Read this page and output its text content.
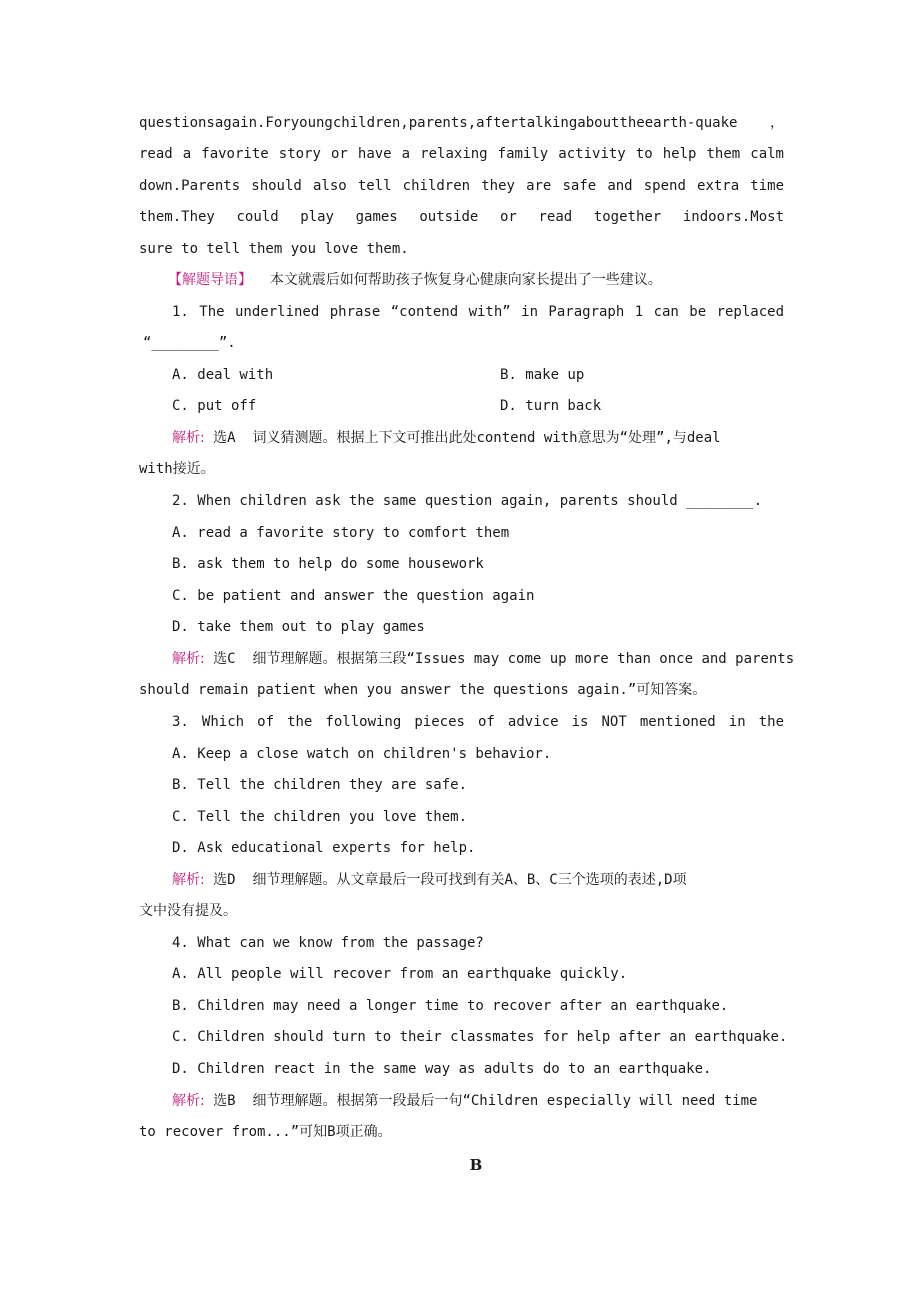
questionsagain.Foryoungchildren,parents,aftertalkingabouttheearth-quake，
read a favorite story or have a relaxing family activity to help them calm
down.Parents should also tell children they are safe and spend extra time
them.They could play games outside or read together indoors.Most
sure to tell them you love them.
【解题导语】 本文就震后如何帮助孩子恢复身心健康向家长提出了一些建议。
1. The underlined phrase “contend with” in Paragraph 1 can be replaced
“________”.
A. deal with	B. make up
C. put off	D. turn back
解析: 选A  词义猜测题。根据上下文可推出此处contend with意思为“处理”,与deal
with接近。
2. When children ask the same question again, parents should ________.
A. read a favorite story to comfort them
B. ask them to help do some housework
C. be patient and answer the question again
D. take them out to play games
解析: 选C  细节理解题。根据第三段“Issues may come up more than once and parents
should remain patient when you answer the questions again.”可知答案。
3. Which of the following pieces of advice is NOT mentioned in the
A. Keep a close watch on children's behavior.
B. Tell the children they are safe.
C. Tell the children you love them.
D. Ask educational experts for help.
解析: 选D  细节理解题。从文章最后一段可找到有关A、B、C三个选项的表述,D项
文中没有提及。
4. What can we know from the passage?
A. All people will recover from an earthquake quickly.
B. Children may need a longer time to recover after an earthquake.
C. Children should turn to their classmates for help after an earthquake.
D. Children react in the same way as adults do to an earthquake.
解析: 选B  细节理解题。根据第一段最后一句“Children especially will need time
to recover from...”可知B项正确。
B
